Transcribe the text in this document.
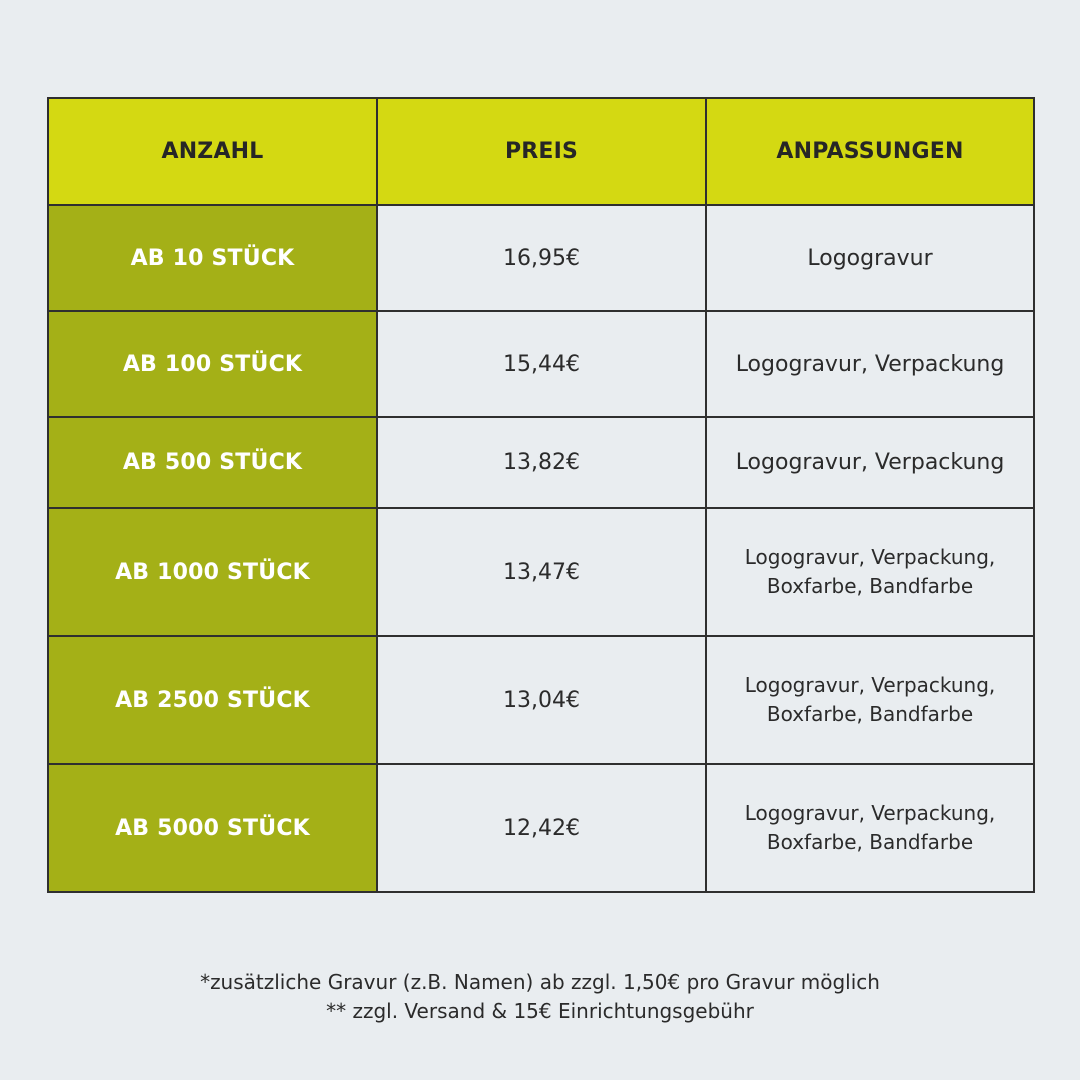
ANZAHL	PREIS	ANPASSUNGEN
AB 10 STÜCK	16,95€	Logogravur

AB 100 STÜCK	15,44€	Logogravur, Verpackung

AB 500 STÜCK	13,82€	Logogravur, Verpackung

AB 1000 STÜCK	13,47€	Logogravur, Verpackung,
Boxfarbe, Bandfarbe

AB 2500 STÜCK	13,04€	Logogravur, Verpackung,
Boxfarbe, Bandfarbe

AB 5000 STÜCK	12,42€	Logogravur, Verpackung,
Boxfarbe, Bandfarbe
*zusätzliche Gravur (z.B. Namen) ab zzgl. 1,50€ pro Gravur möglich
** zzgl. Versand & 15€ Einrichtungsgebühr
